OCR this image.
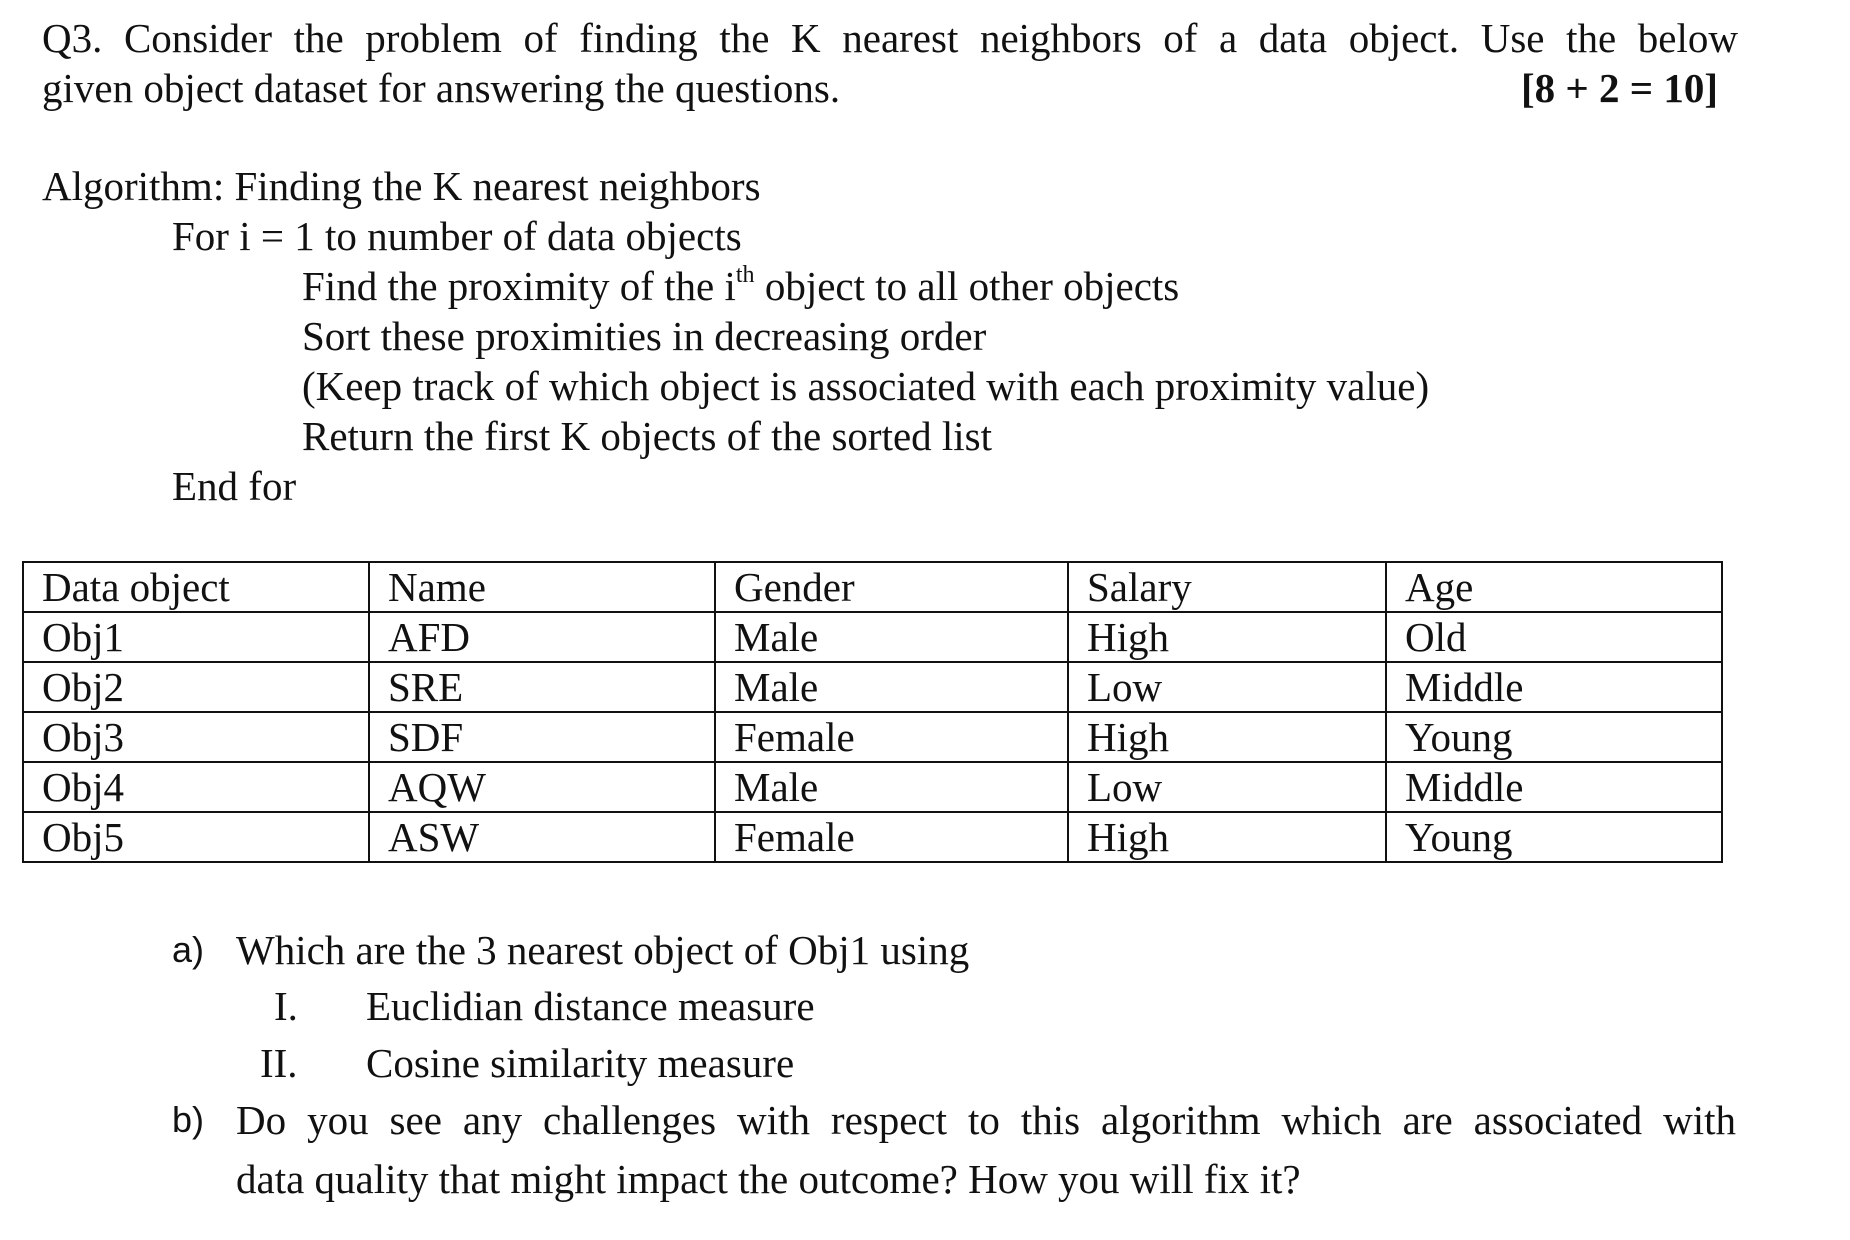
Q3. Consider the problem of finding the K nearest neighbors of a data object. Use the below
given object dataset for answering the questions.	[8 + 2 = 10]
Algorithm: Finding the K nearest neighbors
For i = 1 to number of data objects
Find the proximity of the $i^{th}$ object to all other objects
Sort these proximities in decreasing order
(Keep track of which object is associated with each proximity value)
Return the first K objects of the sorted list
End for
Data object	Name	Gender	Salary	Age
Obj1	AFD	Male	High	Old
Obj2	SRE	Male	Low	Middle
Obj3	SDF	Female	High	Young
Obj4	AQW	Male	Low	Middle
Obj5	ASW	Female	High	Young
a) Which are the 3 nearest object of Obj1 using
I. Euclidian distance measure
II. Cosine similarity measure
b) Do you see any challenges with respect to this algorithm which are associated with
data quality that might impact the outcome? How you will fix it?
